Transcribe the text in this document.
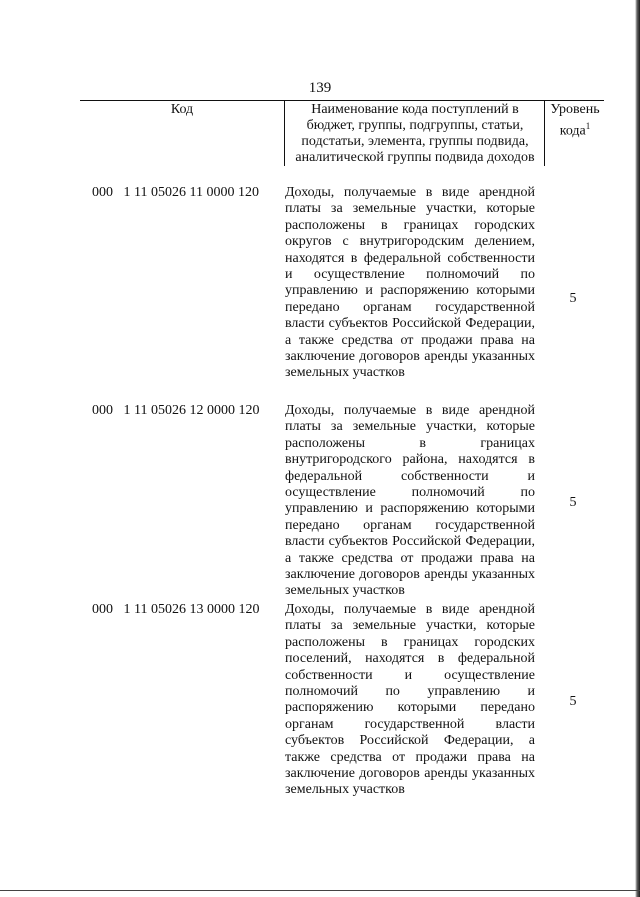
139
Код	Наименование кода поступлений в бюджет, группы, подгруппы, статьи, подстатьи, элемента, группы подвида, аналитической группы подвида доходов
Уровень кода$^1$
000   1 11 05026 11 0000 120 Доходы, получаемые в виде арендной платы за земельные участки, которые расположены в границах городских округов с внутригородским делением, находятся в федеральной собственности и осуществление полномочий по управлению и распоряжению которыми передано органам государственной власти субъектов Российской Федерации, а также средства от продажи права на заключение договоров аренды указанных земельных участков
5
000   1 11 05026 12 0000 120 Доходы, получаемые в виде арендной платы за земельные участки, которые расположены в границах внутригородского района, находятся в федеральной собственности и осуществление полномочий по управлению и распоряжению которыми передано органам государственной власти субъектов Российской Федерации, а также средства от продажи права на заключение договоров аренды указанных земельных участков
5
000   1 11 05026 13 0000 120 Доходы, получаемые в виде арендной платы за земельные участки, которые расположены в границах городских поселений, находятся в федеральной собственности и осуществление полномочий по управлению и распоряжению которыми передано органам государственной власти субъектов Российской Федерации, а также средства от продажи права на заключение договоров аренды указанных земельных участков
5
